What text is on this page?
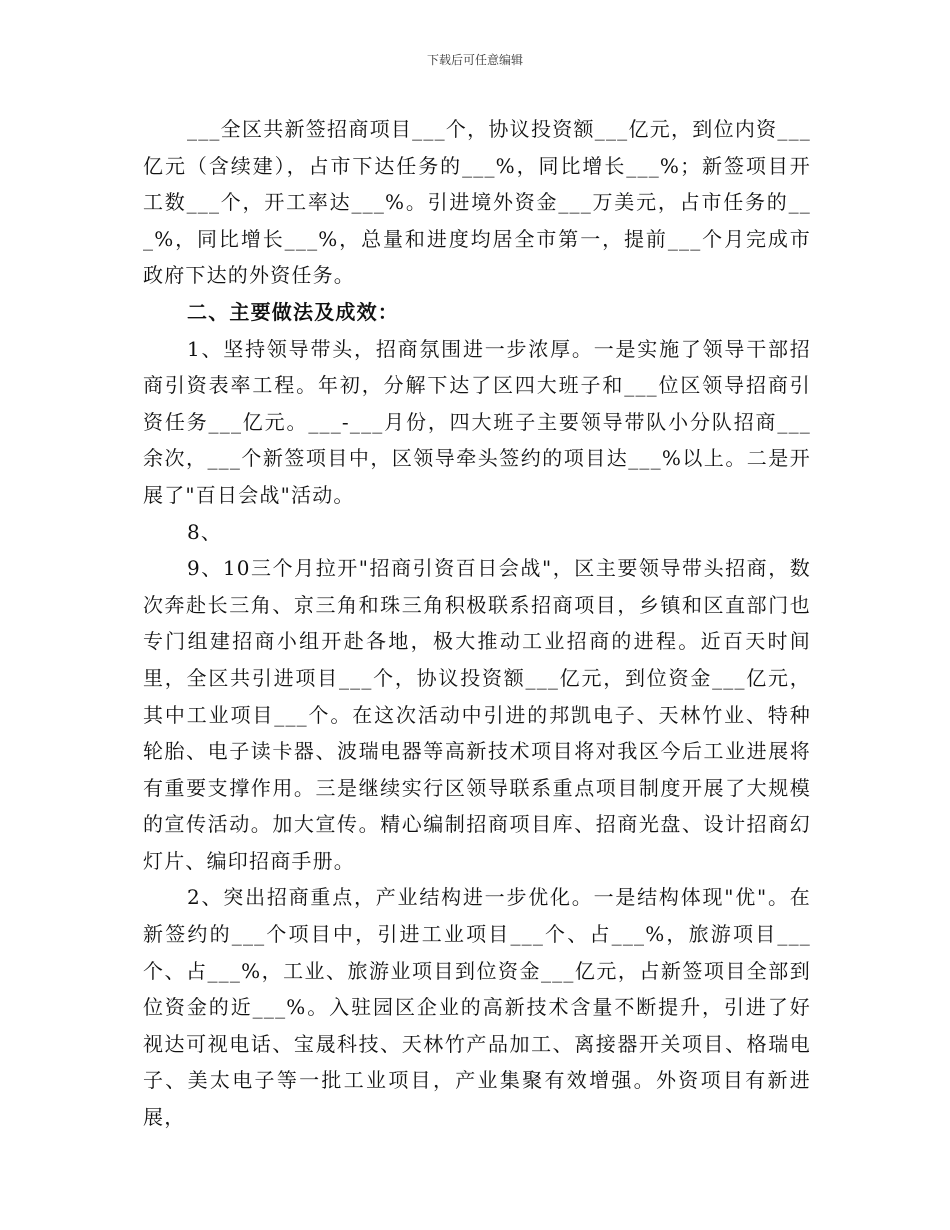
下载后可任意编辑

___全区共新签招商项目___个，协议投资额___亿元，到位内资___亿元（含续建），占市下达任务的___%，同比增长___%；新签项目开工数___个，开工率达___%。引进境外资金___万美元，占市任务的___%，同比增长___%，总量和进度均居全市第一，提前___个月完成市政府下达的外资任务。

二、主要做法及成效：

1、坚持领导带头，招商氛围进一步浓厚。一是实施了领导干部招商引资表率工程。年初，分解下达了区四大班子和___位区领导招商引资任务___亿元。___-___月份，四大班子主要领导带队小分队招商___余次，___个新签项目中，区领导牵头签约的项目达___%以上。二是开展了"百日会战"活动。

8、

9、10三个月拉开"招商引资百日会战"，区主要领导带头招商，数次奔赴长三角、京三角和珠三角积极联系招商项目，乡镇和区直部门也专门组建招商小组开赴各地，极大推动工业招商的进程。近百天时间里，全区共引进项目___个，协议投资额___亿元，到位资金___亿元，其中工业项目___个。在这次活动中引进的邦凯电子、天林竹业、特种轮胎、电子读卡器、波瑞电器等高新技术项目将对我区今后工业进展将有重要支撑作用。三是继续实行区领导联系重点项目制度开展了大规模的宣传活动。加大宣传。精心编制招商项目库、招商光盘、设计招商幻灯片、编印招商手册。

2、突出招商重点，产业结构进一步优化。一是结构体现"优"。在新签约的___个项目中，引进工业项目___个、占___%，旅游项目___个、占___%，工业、旅游业项目到位资金___亿元，占新签项目全部到位资金的近___%。入驻园区企业的高新技术含量不断提升，引进了好视达可视电话、宝晟科技、天林竹产品加工、离接器开关项目、格瑞电子、美太电子等一批工业项目，产业集聚有效增强。外资项目有新进展，
